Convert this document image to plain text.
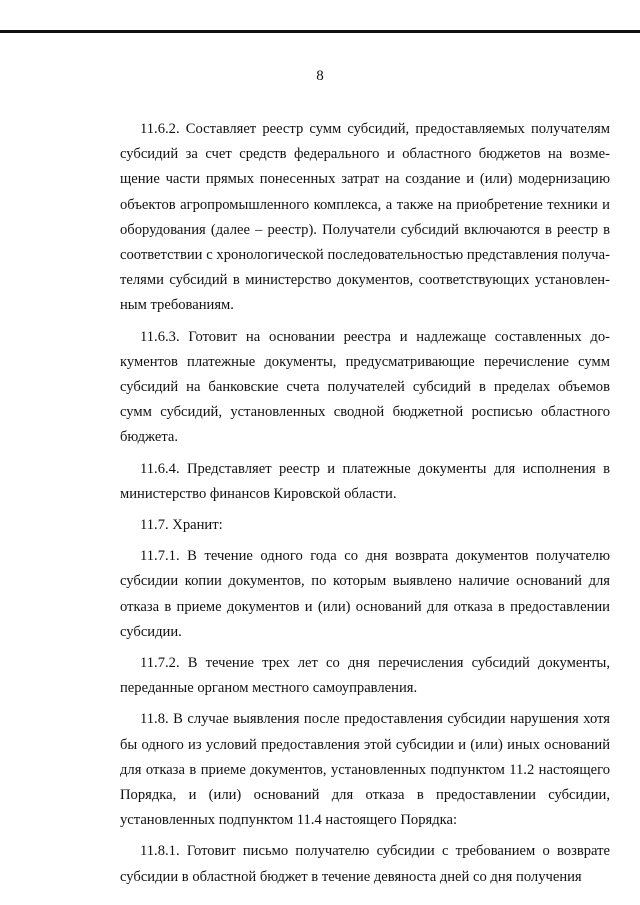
8

11.6.2. Составляет реестр сумм субсидий, предоставляемых получателям субсидий за счет средств федерального и областного бюджетов на возмещение части прямых понесенных затрат на создание и (или) модернизацию объектов агропромышленного комплекса, а также на приобретение техники и оборудования (далее – реестр). Получатели субсидий включаются в реестр в соответствии с хронологической последовательностью представления получателями субсидий в министерство документов, соответствующих установленным требованиям.

11.6.3. Готовит на основании реестра и надлежаще составленных документов платежные документы, предусматривающие перечисление сумм субсидий на банковские счета получателей субсидий в пределах объемов сумм субсидий, установленных сводной бюджетной росписью областного бюджета.

11.6.4. Представляет реестр и платежные документы для исполнения в министерство финансов Кировской области.

11.7. Хранит:

11.7.1. В течение одного года со дня возврата документов получателю субсидии копии документов, по которым выявлено наличие оснований для отказа в приеме документов и (или) оснований для отказа в предоставлении субсидии.

11.7.2. В течение трех лет со дня перечисления субсидий документы, переданные органом местного самоуправления.

11.8. В случае выявления после предоставления субсидии нарушения хотя бы одного из условий предоставления этой субсидии и (или) иных оснований для отказа в приеме документов, установленных подпунктом 11.2 настоящего Порядка, и (или) оснований для отказа в предоставлении субсидии, установленных подпунктом 11.4 настоящего Порядка:

11.8.1. Готовит письмо получателю субсидии с требованием о возврате субсидии в областной бюджет в течение девяноста дней со дня получения
